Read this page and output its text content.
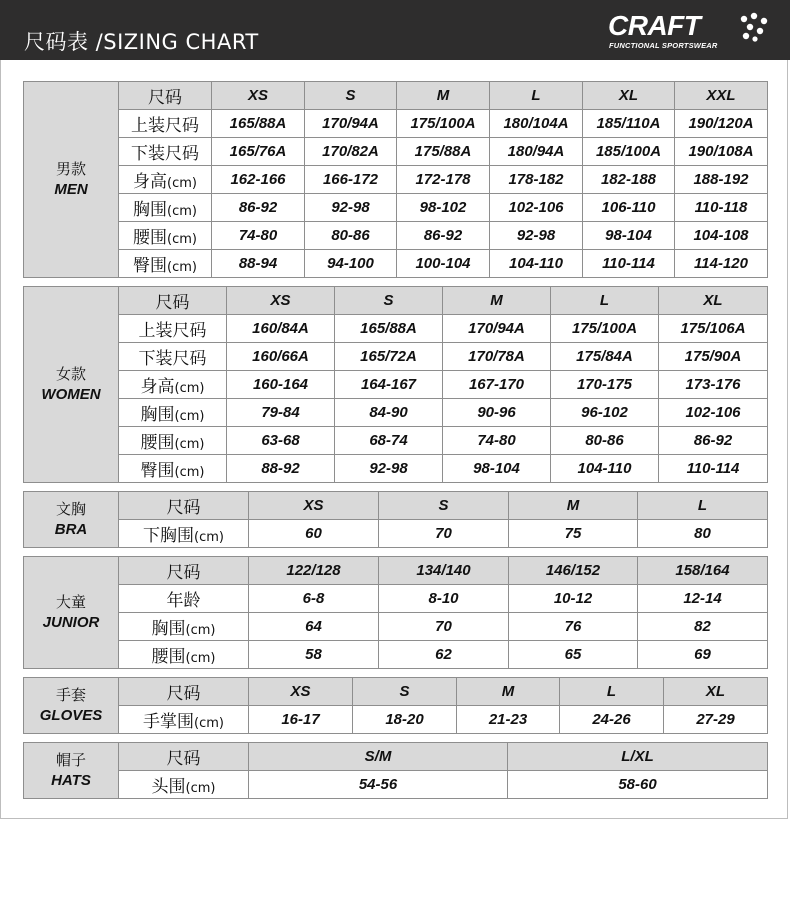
尺码表 /SIZING CHART
CRAFT
FUNCTIONAL SPORTSWEAR
男款
MEN	尺码	XS	S	M	L	XL	XXL
	上装尺码	165/88A	170/94A	175/100A	180/104A	185/110A	190/120A
	下装尺码	165/76A	170/82A	175/88A	180/94A	185/100A	190/108A
	身高(cm)	162-166	166-172	172-178	178-182	182-188	188-192
	胸围(cm)	86-92	92-98	98-102	102-106	106-110	110-118
	腰围(cm)	74-80	80-86	86-92	92-98	98-104	104-108
	臀围(cm)	88-94	94-100	100-104	104-110	110-114	114-120
女款
WOMEN	尺码	XS	S	M	L	XL
	上装尺码	160/84A	165/88A	170/94A	175/100A	175/106A
	下装尺码	160/66A	165/72A	170/78A	175/84A	175/90A
	身高(cm)	160-164	164-167	167-170	170-175	173-176
	胸围(cm)	79-84	84-90	90-96	96-102	102-106
	腰围(cm)	63-68	68-74	74-80	80-86	86-92
	臀围(cm)	88-92	92-98	98-104	104-110	110-114
文胸
BRA	尺码	XS	S	M	L
	下胸围(cm)	60	70	75	80
大童
JUNIOR	尺码	122/128	134/140	146/152	158/164
	年龄	6-8	8-10	10-12	12-14
	胸围(cm)	64	70	76	82
	腰围(cm)	58	62	65	69
手套
GLOVES	尺码	XS	S	M	L	XL
	手掌围(cm)	16-17	18-20	21-23	24-26	27-29
帽子
HATS	尺码	S/M	L/XL
	头围(cm)	54-56	58-60
